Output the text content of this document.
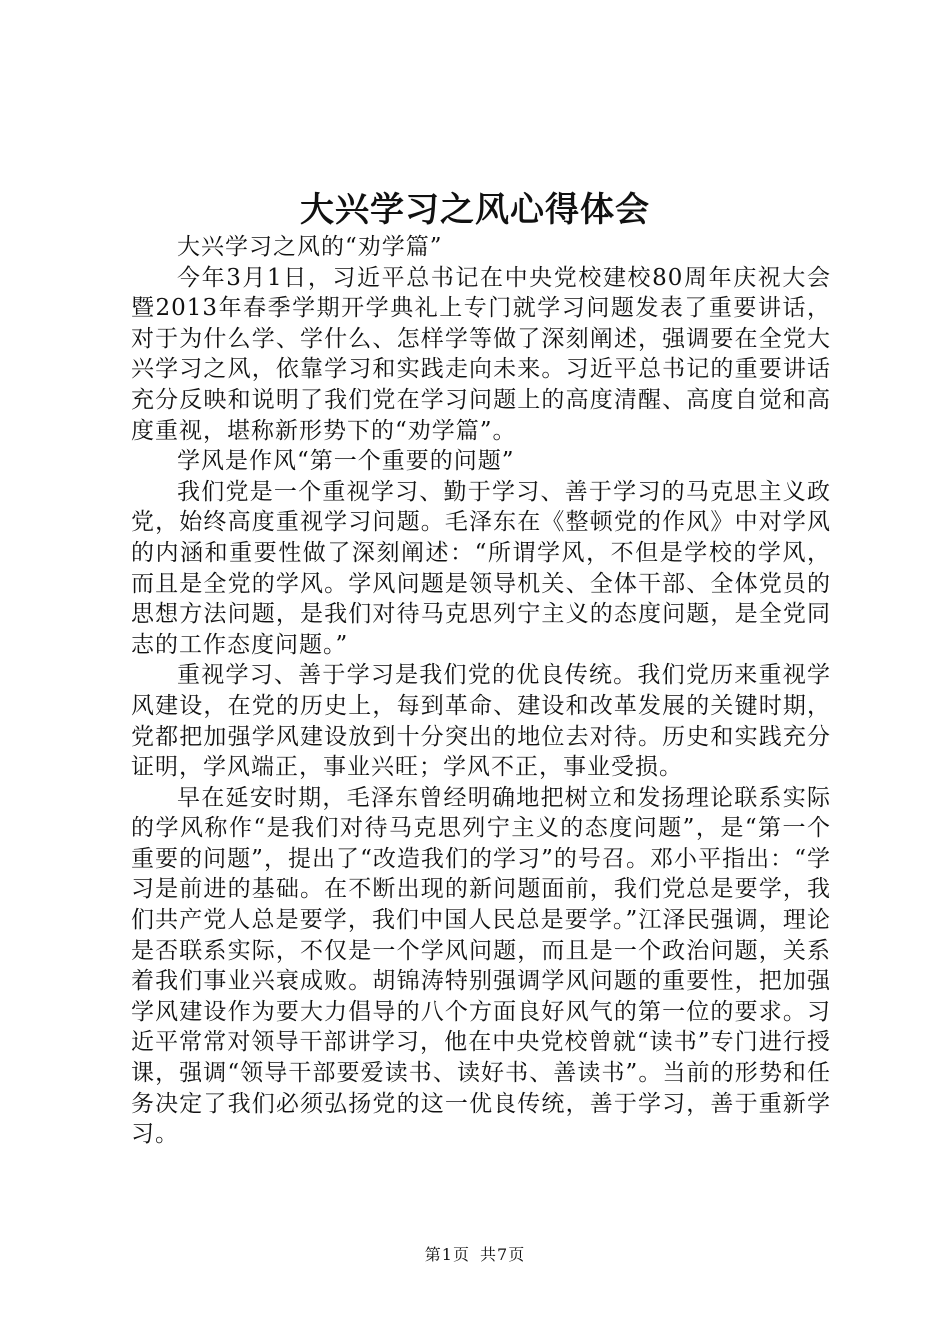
大兴学习之风心得体会

大兴学习之风的“劝学篇”

今年3月1日，习近平总书记在中央党校建校80周年庆祝大会暨2013年春季学期开学典礼上专门就学习问题发表了重要讲话，对于为什么学、学什么、怎样学等做了深刻阐述，强调要在全党大兴学习之风，依靠学习和实践走向未来。习近平总书记的重要讲话充分反映和说明了我们党在学习问题上的高度清醒、高度自觉和高度重视，堪称新形势下的“劝学篇”。

学风是作风“第一个重要的问题”

我们党是一个重视学习、勤于学习、善于学习的马克思主义政党，始终高度重视学习问题。毛泽东在《整顿党的作风》中对学风的内涵和重要性做了深刻阐述：“所谓学风，不但是学校的学风，而且是全党的学风。学风问题是领导机关、全体干部、全体党员的思想方法问题，是我们对待马克思列宁主义的态度问题，是全党同志的工作态度问题。”

重视学习、善于学习是我们党的优良传统。我们党历来重视学风建设，在党的历史上，每到革命、建设和改革发展的关键时期，党都把加强学风建设放到十分突出的地位去对待。历史和实践充分证明，学风端正，事业兴旺；学风不正，事业受损。

早在延安时期，毛泽东曾经明确地把树立和发扬理论联系实际的学风称作“是我们对待马克思列宁主义的态度问题”，是“第一个重要的问题”，提出了“改造我们的学习”的号召。邓小平指出：“学习是前进的基础。在不断出现的新问题面前，我们党总是要学，我们共产党人总是要学，我们中国人民总是要学。”江泽民强调，理论是否联系实际，不仅是一个学风问题，而且是一个政治问题，关系着我们事业兴衰成败。胡锦涛特别强调学风问题的重要性，把加强学风建设作为要大力倡导的八个方面良好风气的第一位的要求。习近平常常对领导干部讲学习，他在中央党校曾就“读书”专门进行授课，强调“领导干部要爱读书、读好书、善读书”。当前的形势和任务决定了我们必须弘扬党的这一优良传统，善于学习，善于重新学习。

第1页 共7页
